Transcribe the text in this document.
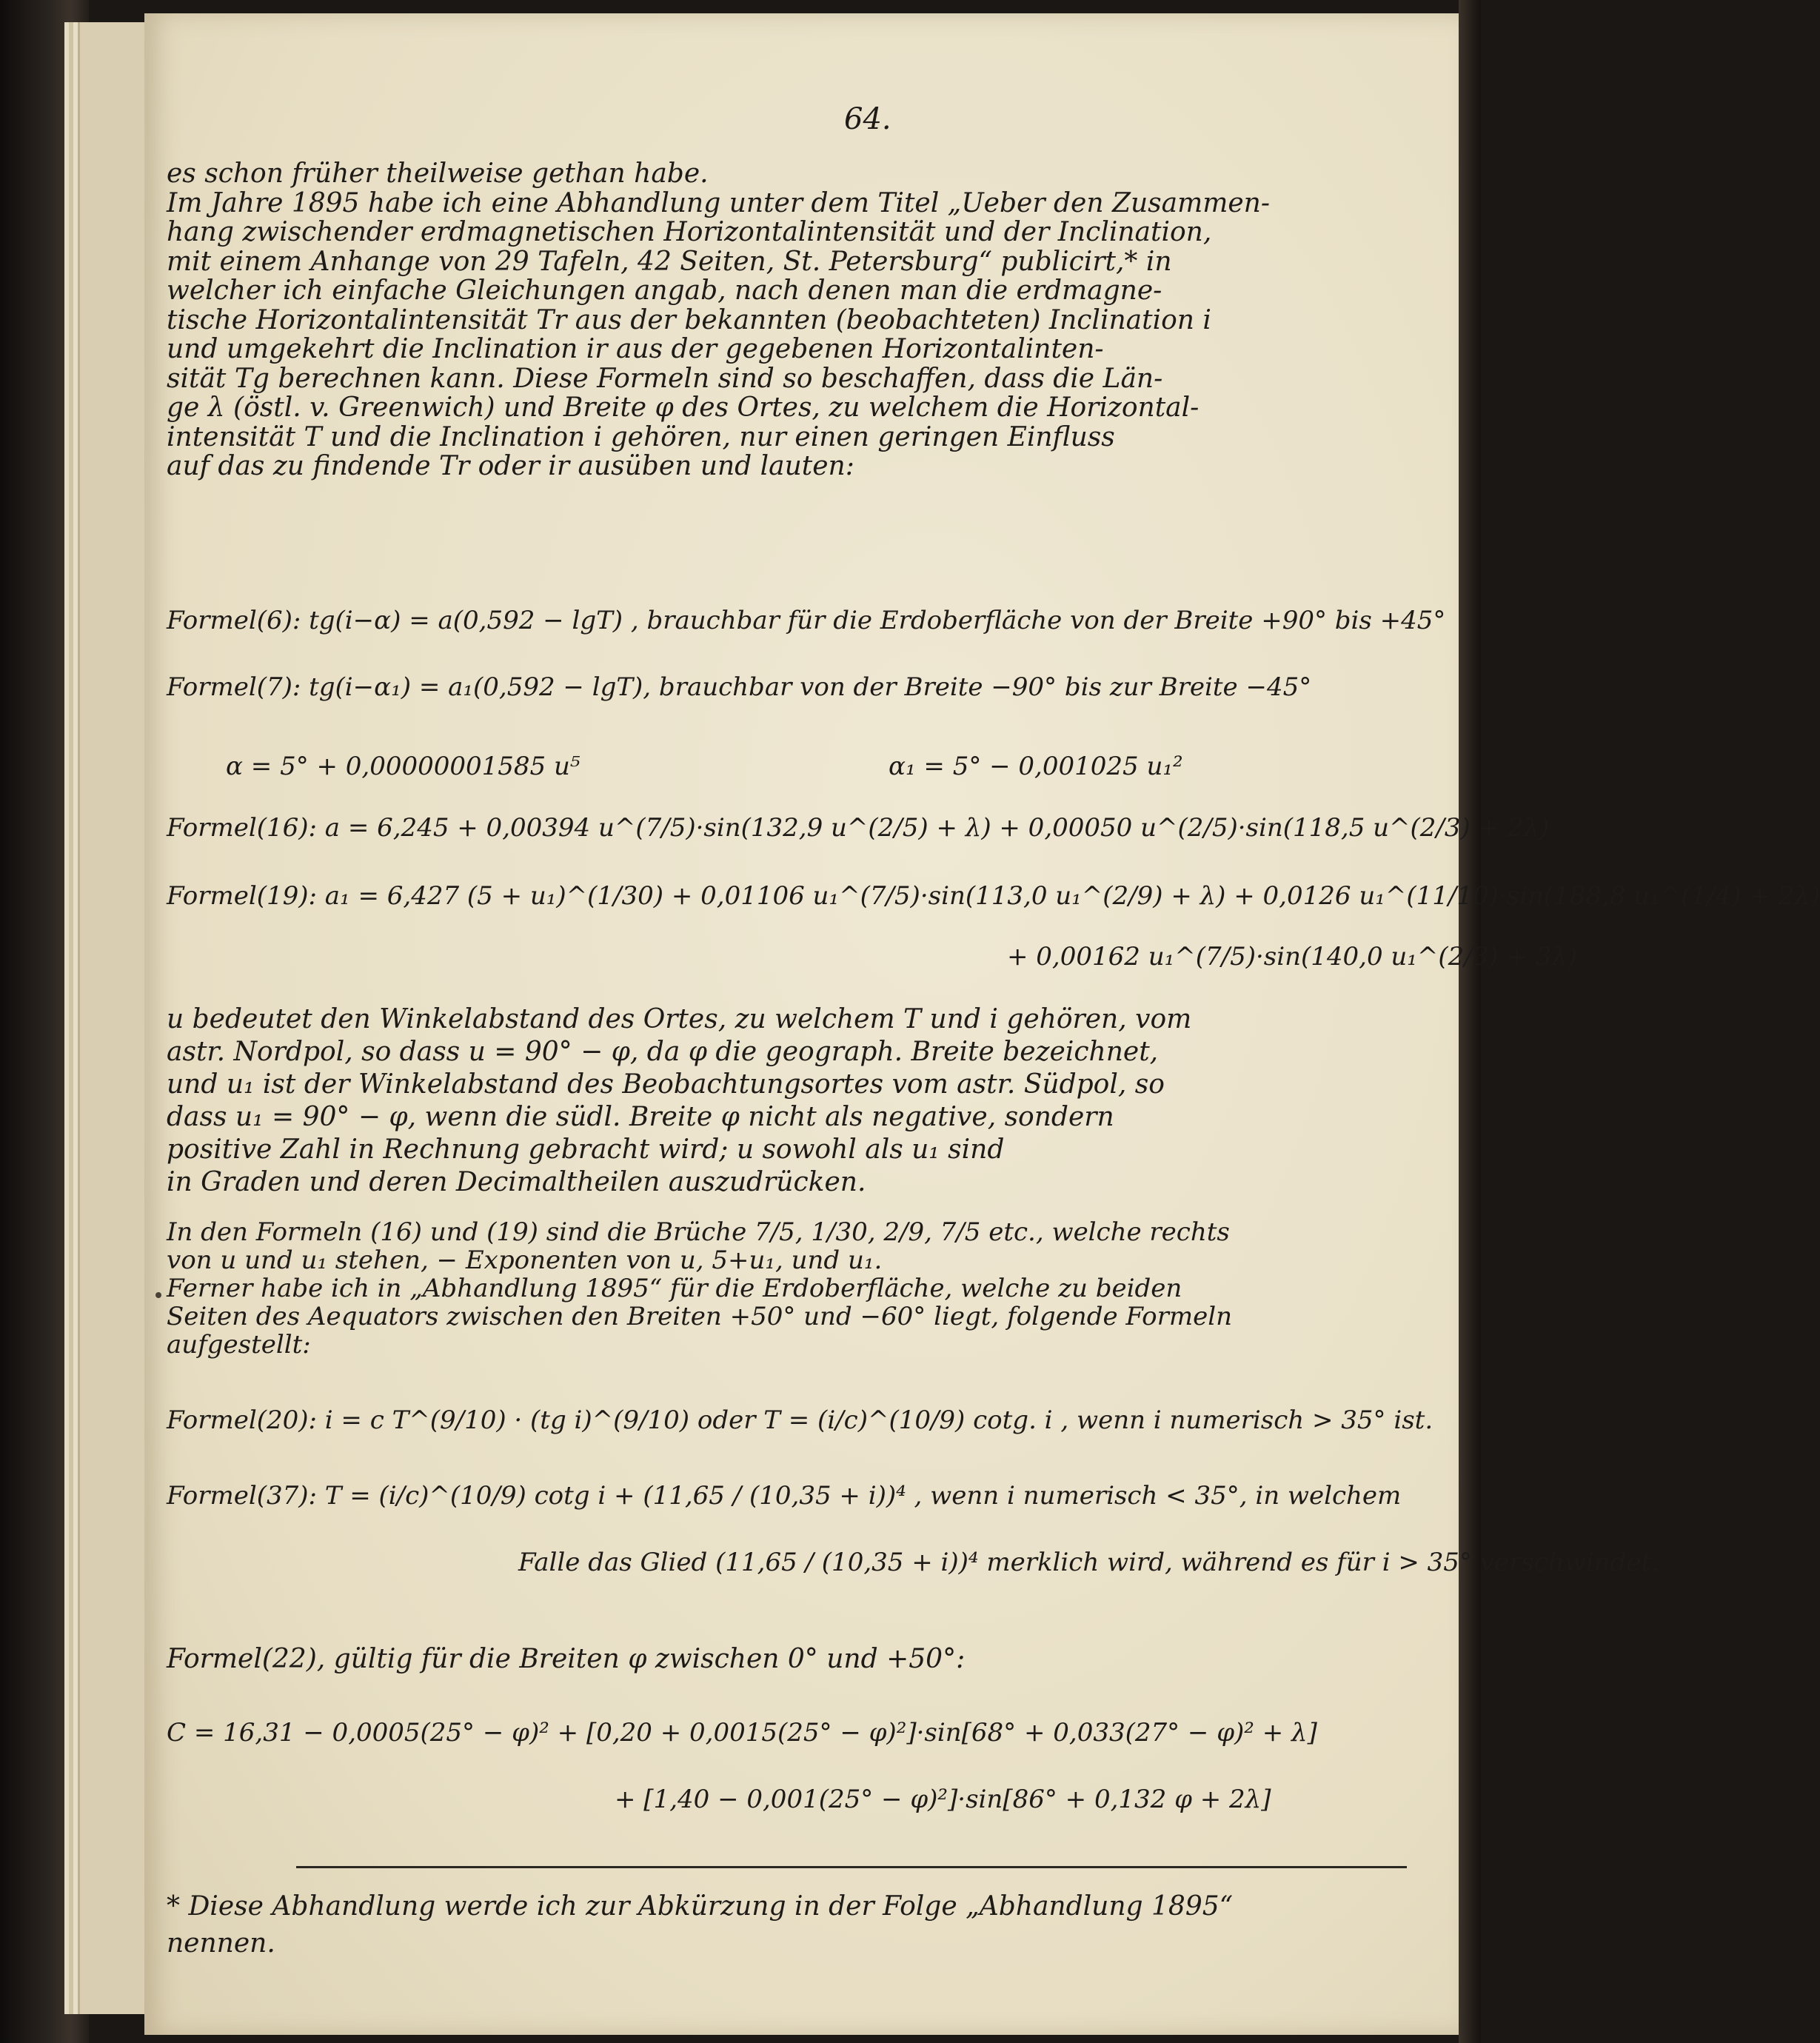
64.
es schon früher theilweise gethan habe.
Im Jahre 1895 habe ich eine Abhandlung unter dem Titel „Ueber den Zusammen-
hang zwischender erdmagnetischen Horizontalintensität und der Inclination,
mit einem Anhange von 29 Tafeln, 42 Seiten, St. Petersburg“ publicirt,* in
welcher ich einfache Gleichungen angab, nach denen man die erdmagne-
tische Horizontalintensität Tr aus der bekannten (beobachteten) Inclination i
und umgekehrt die Inclination ir aus der gegebenen Horizontalinten-
sität Tg berechnen kann. Diese Formeln sind so beschaffen, dass die Län-
ge λ (östl. v. Greenwich) und Breite φ des Ortes, zu welchem die Horizontal-
intensität T und die Inclination i gehören, nur einen geringen Einfluss
auf das zu findende Tr oder ir ausüben und lauten:
Formel(6): tg(i−α) = a(0,592 − lgT) , brauchbar für die Erdoberfläche von der Breite +90° bis +45°
Formel(7): tg(i−α₁) = a₁(0,592 − lgT), brauchbar von der Breite −90° bis zur Breite −45°
α = 5° + 0,00000001585 u⁵	α₁ = 5° − 0,001025 u₁²
Formel(16): a = 6,245 + 0,00394 u^(7/5)·sin(132,9 u^(2/5) + λ) + 0,00050 u^(2/5)·sin(118,5 u^(2/3) + 2λ)
Formel(19): a₁ = 6,427 (5 + u₁)^(1/30) + 0,01106 u₁^(7/5)·sin(113,0 u₁^(2/9) + λ) + 0,0126 u₁^(11/10)·sin(188,8 u₁^(1/4) + 2λ)
+ 0,00162 u₁^(7/5)·sin(140,0 u₁^(2/3) + 3λ)
u bedeutet den Winkelabstand des Ortes, zu welchem T und i gehören, vom
astr. Nordpol, so dass u = 90° − φ, da φ die geograph. Breite bezeichnet,
und u₁ ist der Winkelabstand des Beobachtungsortes vom astr. Südpol, so
dass u₁ = 90° − φ, wenn die südl. Breite φ nicht als negative, sondern
positive Zahl in Rechnung gebracht wird; u sowohl als u₁ sind
in Graden und deren Decimaltheilen auszudrücken.
In den Formeln (16) und (19) sind die Brüche 7/5, 1/30, 2/9, 7/5 etc., welche rechts
von u und u₁ stehen, − Exponenten von u, 5+u₁, und u₁.
Ferner habe ich in „Abhandlung 1895“ für die Erdoberfläche, welche zu beiden
Seiten des Aequators zwischen den Breiten +50° und −60° liegt, folgende Formeln
aufgestellt:
Formel(20): i = c T^(9/10) · (tg i)^(9/10) oder T = (i/c)^(10/9) cotg. i , wenn i numerisch > 35° ist.
Formel(37): T = (i/c)^(10/9) cotg i + (11,65 / (10,35 + i))⁴ , wenn i numerisch < 35°, in welchem
Falle das Glied (11,65 / (10,35 + i))⁴ merklich wird, während es für i > 35° verschwindet.
Formel(22), gültig für die Breiten φ zwischen 0° und +50°:
C = 16,31 − 0,0005(25° − φ)² + [0,20 + 0,0015(25° − φ)²]·sin[68° + 0,033(27° − φ)² + λ]
+ [1,40 − 0,001(25° − φ)²]·sin[86° + 0,132 φ + 2λ]
* Diese Abhandlung werde ich zur Abkürzung in der Folge „Abhandlung 1895“
nennen.
